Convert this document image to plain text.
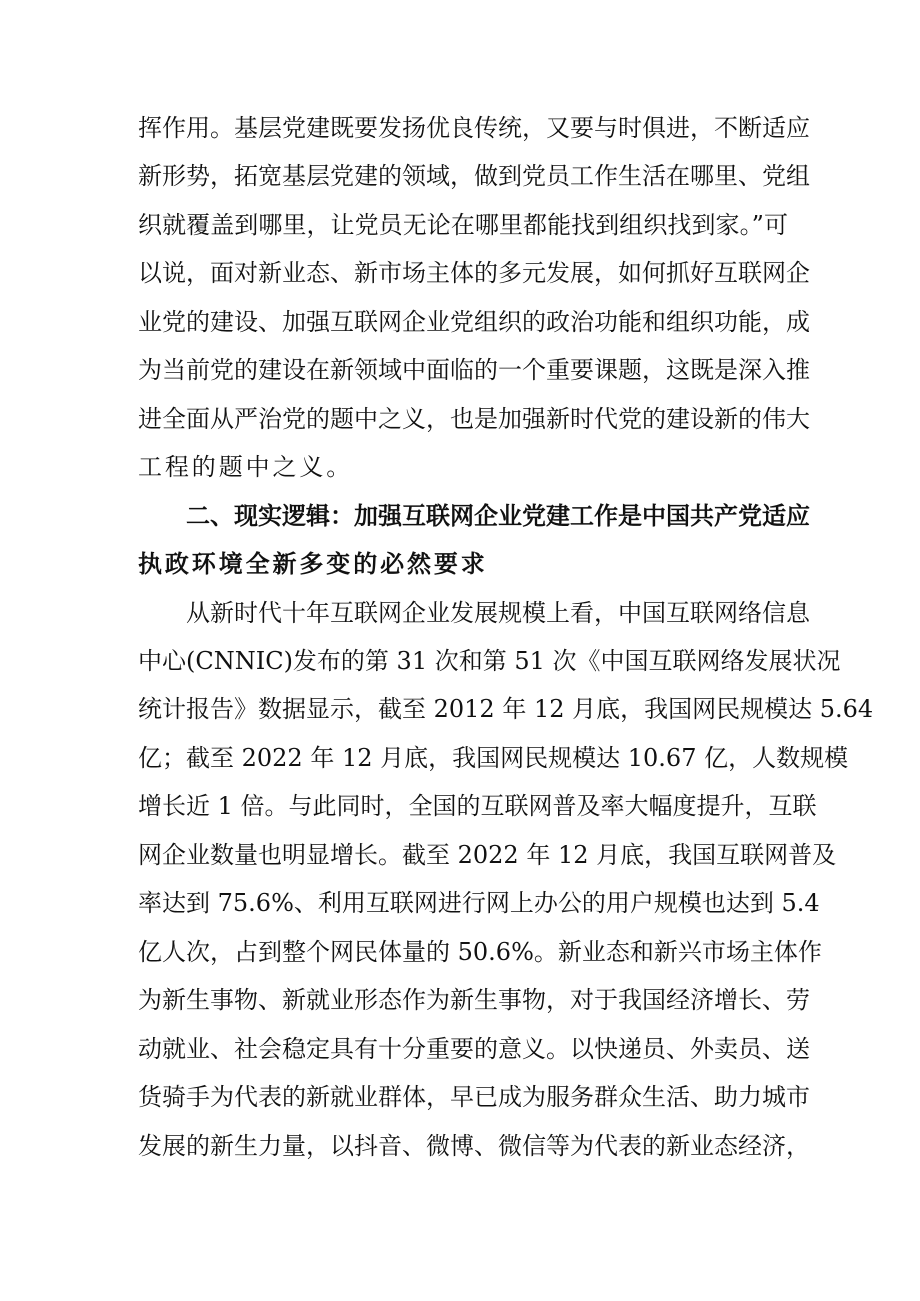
挥作用。基层党建既要发扬优良传统，又要与时俱进，不断适应
新形势，拓宽基层党建的领域，做到党员工作生活在哪里、党组
织就覆盖到哪里，让党员无论在哪里都能找到组织找到家。”可
以说，面对新业态、新市场主体的多元发展，如何抓好互联网企
业党的建设、加强互联网企业党组织的政治功能和组织功能，成
为当前党的建设在新领域中面临的一个重要课题，这既是深入推
进全面从严治党的题中之义，也是加强新时代党的建设新的伟大
工程的题中之义。
二、现实逻辑：加强互联网企业党建工作是中国共产党适应
执政环境全新多变的必然要求
从新时代十年互联网企业发展规模上看，中国互联网络信息
中心(CNNIC)发布的第 31 次和第 51 次《中国互联网络发展状况
统计报告》数据显示，截至 2012 年 12 月底，我国网民规模达 5.64
亿；截至 2022 年 12 月底，我国网民规模达 10.67 亿，人数规模
增长近 1 倍。与此同时，全国的互联网普及率大幅度提升，互联
网企业数量也明显增长。截至 2022 年 12 月底，我国互联网普及
率达到 75.6%、利用互联网进行网上办公的用户规模也达到 5.4
亿人次，占到整个网民体量的 50.6%。新业态和新兴市场主体作
为新生事物、新就业形态作为新生事物，对于我国经济增长、劳
动就业、社会稳定具有十分重要的意义。以快递员、外卖员、送
货骑手为代表的新就业群体，早已成为服务群众生活、助力城市
发展的新生力量，以抖音、微博、微信等为代表的新业态经济，
